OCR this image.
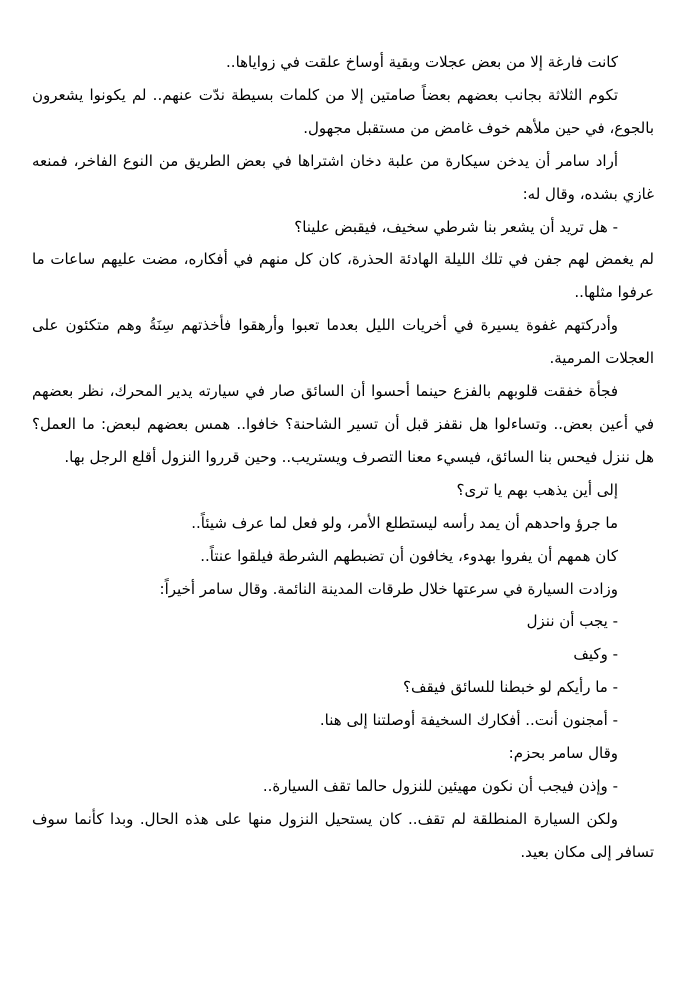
كانت فارغة إلا من بعض عجلات وبقية أوساخ علقت في زواياها..

تكوم الثلاثة بجانب بعضهم بعضاً صامتين إلا من كلمات بسيطة ندّت عنهم.. لم يكونوا يشعرون بالجوع، في حين ملأهم خوف غامض من مستقبل مجهول.

أراد سامر أن يدخن سيكارة من علبة دخان اشتراها في بعض الطريق من النوع الفاخر، فمنعه غازي بشده، وقال له:

- هل تريد أن يشعر بنا شرطي سخيف، فيقبض علينا؟

لم يغمض لهم جفن في تلك الليلة الهادئة الحذرة، كان كل منهم في أفكاره، مضت عليهم ساعات ما عرفوا مثلها..

وأدركتهم غفوة يسيرة في أخريات الليل بعدما تعبوا وأرهقوا فأخذتهم سِنَةُ وهم متكئون على العجلات المرمية.

فجأة خفقت قلوبهم بالفزع حينما أحسوا أن السائق صار في سيارته يدير المحرك، نظر بعضهم في أعين بعض.. وتساءلوا هل نقفز قبل أن تسير الشاحنة؟ خافوا.. همس بعضهم لبعض: ما العمل؟ هل ننزل فيحس بنا السائق، فيسيء معنا التصرف ويستريب.. وحين قرروا النزول أقلع الرجل بها.

إلى أين يذهب بهم يا ترى؟

ما جرؤ واحدهم أن يمد رأسه ليستطلع الأمر، ولو فعل لما عرف شيئاً..

كان همهم أن يفروا بهدوء، يخافون أن تضبطهم الشرطة فيلقوا عنتاً..

وزادت السيارة في سرعتها خلال طرقات المدينة النائمة. وقال سامر أخيراً:

- يجب أن ننزل

- وكيف

- ما رأيكم لو خبطنا للسائق فيقف؟

- أمجنون أنت.. أفكارك السخيفة أوصلتنا إلى هنا.

وقال سامر بحزم:

- وإذن فيجب أن نكون مهيئين للنزول حالما تقف السيارة..

ولكن السيارة المنطلقة لم تقف.. كان يستحيل النزول منها على هذه الحال. وبدا كأنما سوف تسافر إلى مكان بعيد.
